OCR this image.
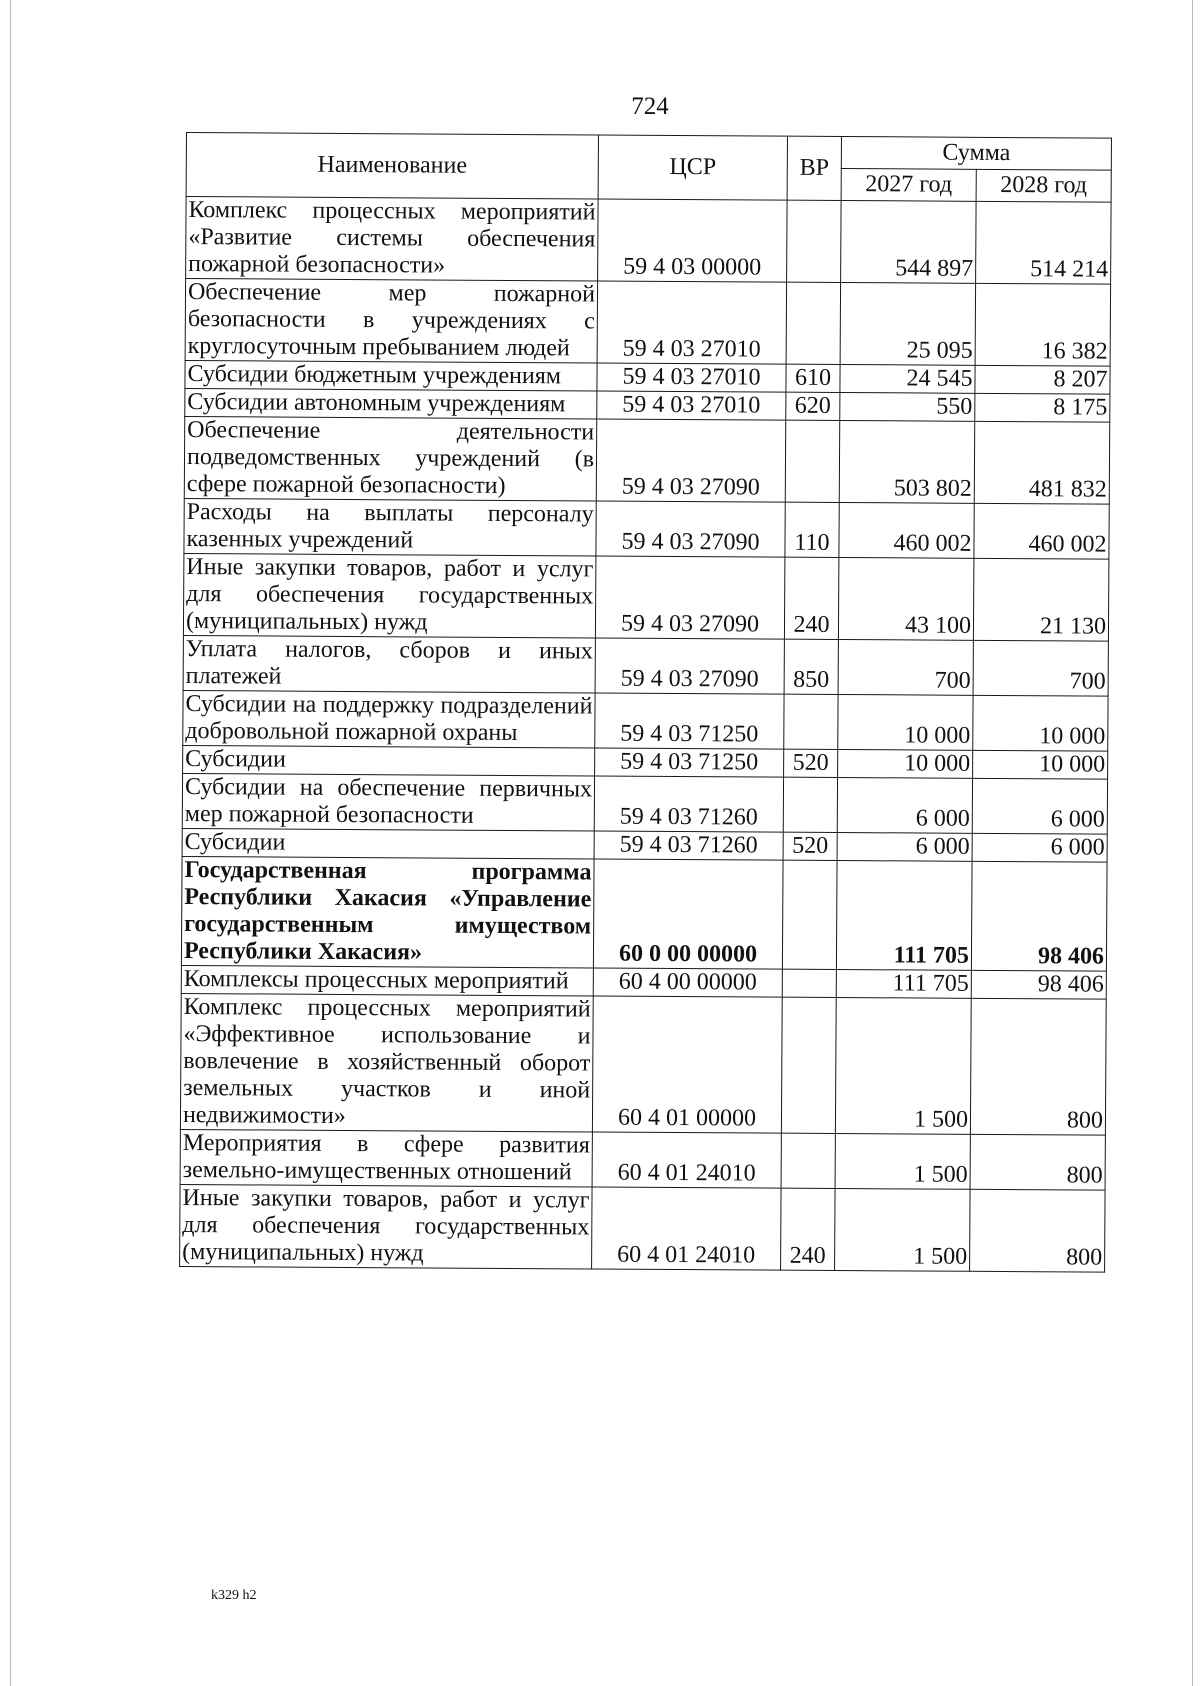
724
Наименование	ЦСР	ВР	Сумма	
			2027 год	2028 год
Комплекс процессных мероприятий «Развитие системы обеспечения пожарной безопасности»	59 4 03 00000		544 897	514 214
Обеспечение мер пожарной безопасности в учреждениях с круглосуточным пребыванием людей	59 4 03 27010		25 095	16 382
Субсидии бюджетным учреждениям	59 4 03 27010	610	24 545	8 207
Субсидии автономным учреждениям	59 4 03 27010	620	550	8 175
Обеспечение деятельности подведомственных учреждений (в сфере пожарной безопасности)	59 4 03 27090		503 802	481 832
Расходы на выплаты персоналу казенных учреждений	59 4 03 27090	110	460 002	460 002
Иные закупки товаров, работ и услуг для обеспечения государственных (муниципальных) нужд	59 4 03 27090	240	43 100	21 130
Уплата налогов, сборов и иных платежей	59 4 03 27090	850	700	700
Субсидии на поддержку подразделений добровольной пожарной охраны	59 4 03 71250		10 000	10 000
Субсидии	59 4 03 71250	520	10 000	10 000
Субсидии на обеспечение первичных мер пожарной безопасности	59 4 03 71260		6 000	6 000
Субсидии	59 4 03 71260	520	6 000	6 000
Государственная программа Республики Хакасия «Управление государственным имуществом Республики Хакасия»	60 0 00 00000		111 705	98 406
Комплексы процессных мероприятий	60 4 00 00000		111 705	98 406
Комплекс процессных мероприятий «Эффективное использование и вовлечение в хозяйственный оборот земельных участков и иной недвижимости»	60 4 01 00000		1 500	800
Мероприятия в сфере развития земельно-имущественных отношений	60 4 01 24010		1 500	800
Иные закупки товаров, работ и услуг для обеспечения государственных (муниципальных) нужд	60 4 01 24010	240	1 500	800
k329 h2
